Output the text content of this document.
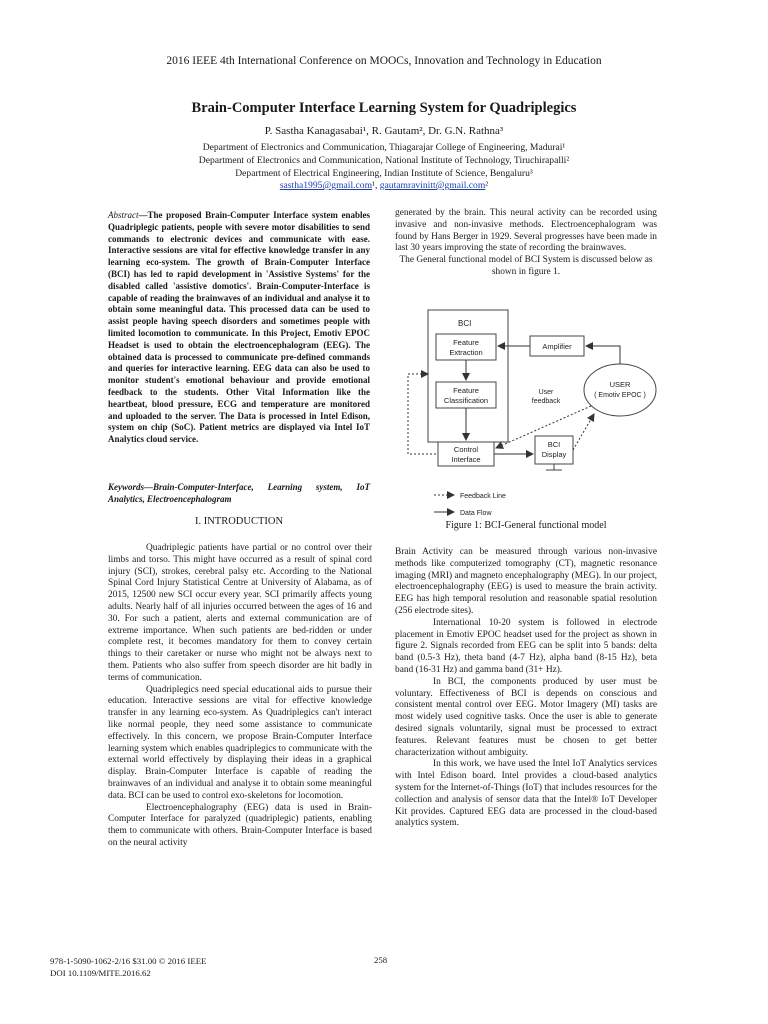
2016 IEEE 4th International Conference on MOOCs, Innovation and Technology in Education
Brain-Computer Interface Learning System for Quadriplegics
P. Sastha Kanagasabai¹, R. Gautam², Dr. G.N. Rathna³
Department of Electronics and Communication, Thiagarajar College of Engineering, Madurai¹
Department of Electronics and Communication, National Institute of Technology, Tiruchirapalli²
Department of Electrical Engineering, Indian Institute of Science, Bengaluru³
sastha1995@gmail.com¹, gautamravinitt@gmail.com²
Abstract—The proposed Brain-Computer Interface system enables Quadriplegic patients, people with severe motor disabilities to send commands to electronic devices and communicate with ease. Interactive sessions are vital for effective knowledge transfer in any learning eco-system. The growth of Brain-Computer Interface (BCI) has led to rapid development in 'Assistive Systems' for the disabled called 'assistive domotics'. Brain-Computer-Interface is capable of reading the brainwaves of an individual and analyse it to obtain some meaningful data. This processed data can be used to assist people having speech disorders and sometimes people with limited locomotion to communicate. In this Project, Emotiv EPOC Headset is used to obtain the electroencephalogram (EEG). The obtained data is processed to communicate pre-defined commands and queries for interactive learning. EEG data can also be used to monitor student's emotional behaviour and provide emotional feedback to the students. Other Vital Information like the heartbeat, blood pressure, ECG and temperature are monitored and uploaded to the server. The Data is processed in Intel Edison, system on chip (SoC). Patient metrics are displayed via Intel IoT Analytics cloud service.
Keywords—Brain-Computer-Interface, Learning system, IoT Analytics, Electroencephalogram
I. INTRODUCTION

Quadriplegic patients have partial or no control over their limbs and torso. This might have occurred as a result of spinal cord injury (SCI), strokes, cerebral palsy etc. According to the National Spinal Cord Injury Statistical Centre at University of Alabama, as of 2015, 12500 new SCI occur every year. SCI primarily affects young adults. Nearly half of all injuries occurred between the ages of 16 and 30. For such a patient, alerts and external communication are of extreme importance. When such patients are bed-ridden or under complete rest, it becomes mandatory for them to convey certain things to their caretaker or nurse who might not be always next to them. Patients who also suffer from speech disorder are hit badly in terms of communication.

Quadriplegics need special educational aids to pursue their education. Interactive sessions are vital for effective knowledge transfer in any learning eco-system. As Quadriplegics can't interact like normal people, they need some assistance to communicate effectively. In this concern, we propose Brain-Computer Interface learning system which enables quadriplegics to communicate with the external world effectively by displaying their ideas in a graphical display. Brain-Computer Interface is capable of reading the brainwaves of an individual and analyse it to obtain some meaningful data. BCI can be used to control exo-skeletons for locomotion.

Electroencephalography (EEG) data is used in Brain-Computer Interface for paralyzed (quadriplegic) patients, enabling them to communicate with others. Brain-Computer Interface is based on the neural activity

generated by the brain. This neural activity can be recorded using invasive and non-invasive methods. Electroencephalogram was found by Hans Berger in 1929. Several progresses have been made in last 30 years improving the state of recording the brainwaves.

The General functional model of BCI System is discussed below as shown in figure 1.

BCI
Feature
Extraction
Feature
Classification
Amplifier
USER
( Emotiv EPOC )
User
feedback
Control
Interface
BCI
Display
Feedback Line
Data Flow
Figure 1: BCI-General functional model

Brain Activity can be measured through various non-invasive methods like computerized tomography (CT), magnetic resonance imaging (MRI) and magneto encephalography (MEG). In our project, electroencephalography (EEG) is used to measure the brain activity. EEG has high temporal resolution and reasonable spatial resolution (256 electrode sites).

International 10-20 system is followed in electrode placement in Emotiv EPOC headset used for the project as shown in figure 2. Signals recorded from EEG can be split into 5 bands: delta band (0.5-3 Hz), theta band (4-7 Hz), alpha band (8-15 Hz), beta band (16-31 Hz) and gamma band (31+ Hz).

In BCI, the components produced by user must be voluntary. Effectiveness of BCI is depends on conscious and consistent mental control over EEG. Motor Imagery (MI) tasks are most widely used cognitive tasks. Once the user is able to generate desired signals voluntarily, signal must be processed to extract features. Relevant features must be chosen to get better characterization without ambiguity.

In this work, we have used the Intel IoT Analytics services with Intel Edison board. Intel provides a cloud-based analytics system for the Internet-of-Things (IoT) that includes resources for the collection and analysis of sensor data that the Intel® IoT Developer Kit provides. Captured EEG data are processed in the cloud-based analytics system.

978-1-5090-1062-2/16 $31.00 © 2016 IEEE
DOI 10.1109/MITE.2016.62
258
